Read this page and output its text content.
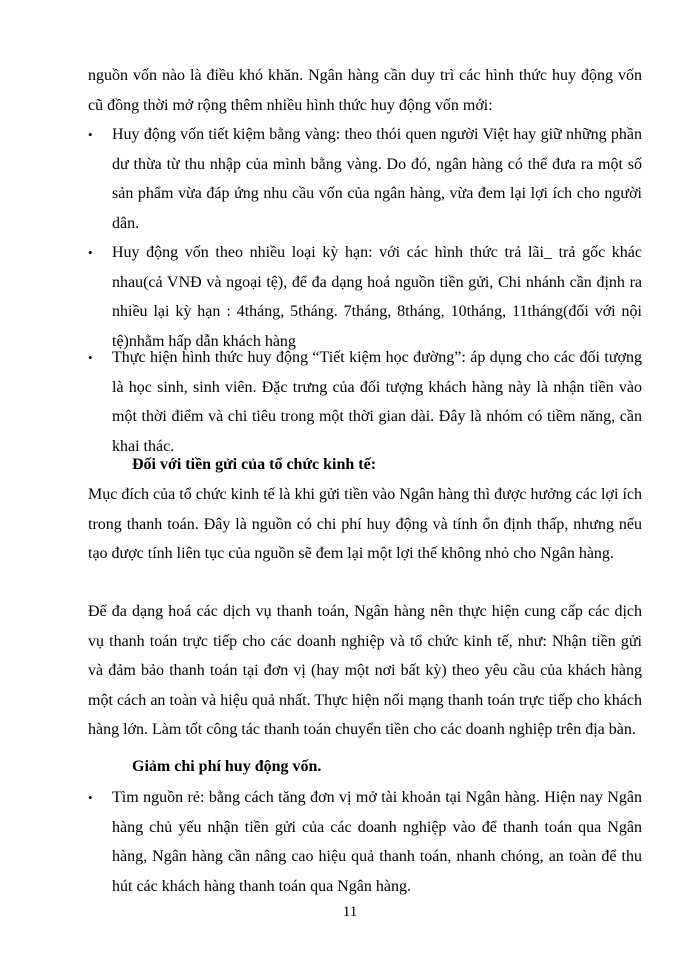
nguồn vốn nào là điều khó khăn. Ngân hàng cần duy trì các hình thức huy động vốn cũ đồng thời mở rộng thêm nhiều hình thức huy động vốn mới:

•	Huy động vốn tiết kiệm bằng vàng: theo thói quen người Việt hay giữ những phần dư thừa từ thu nhập của mình bằng vàng. Do đó, ngân hàng có thể đưa ra một số sản phẩm vừa đáp ứng nhu cầu vốn của ngân hàng, vừa đem lại lợi ích cho người dân.
•	Huy động vốn theo nhiều loại kỳ hạn: với các hình thức trả lãi_ trả gốc khác nhau(cả VNĐ và ngoại tệ), để đa dạng hoá nguồn tiền gửi, Chi nhánh cần định ra nhiều lại kỳ hạn : 4tháng, 5tháng. 7tháng, 8tháng, 10tháng, 11tháng(đối với nội tệ)nhằm hấp dẫn khách hàng
•	Thực hiện hình thức huy động “Tiết kiệm học đường”: áp dụng cho các đối tượng là học sinh, sinh viên. Đặc trưng của đối tượng khách hàng này là nhận tiền vào một thời điểm và chi tiêu trong một thời gian dài. Đây là nhóm có tiềm năng, cần khai thác.
Đối với tiền gửi của tổ chức kinh tế:

Mục đích của tổ chức kinh tế là khi gửi tiền vào Ngân hàng thì được hưởng các lợi ích trong thanh toán. Đây là nguồn có chi phí huy động và tính ổn định thấp, nhưng nếu tạo được tính liên tục của nguồn sẽ đem lại một lợi thế không nhỏ cho Ngân hàng.

Để đa dạng hoá các dịch vụ thanh toán, Ngân hàng nên thực hiện cung cấp các dịch vụ thanh toán trực tiếp cho các doanh nghiệp và tổ chức kinh tế, như: Nhận tiền gửi và đảm bảo thanh toán tại đơn vị (hay một nơi bất kỳ) theo yêu cầu của khách hàng một cách an toàn và hiệu quả nhất. Thực hiện nối mạng thanh toán trực tiếp cho khách hàng lớn. Làm tốt công tác thanh toán chuyển tiền cho các doanh nghiệp trên địa bàn.

Giảm chi phí huy động vốn.
•	Tìm nguồn rẻ: bằng cách tăng đơn vị mở tài khoản tại Ngân hàng. Hiện nay Ngân hàng chủ yếu nhận tiền gửi của các doanh nghiệp vào để thanh toán qua Ngân hàng, Ngân hàng cần nâng cao hiệu quả thanh toán, nhanh chóng, an toàn để thu hút các khách hàng thanh toán qua Ngân hàng.
11
